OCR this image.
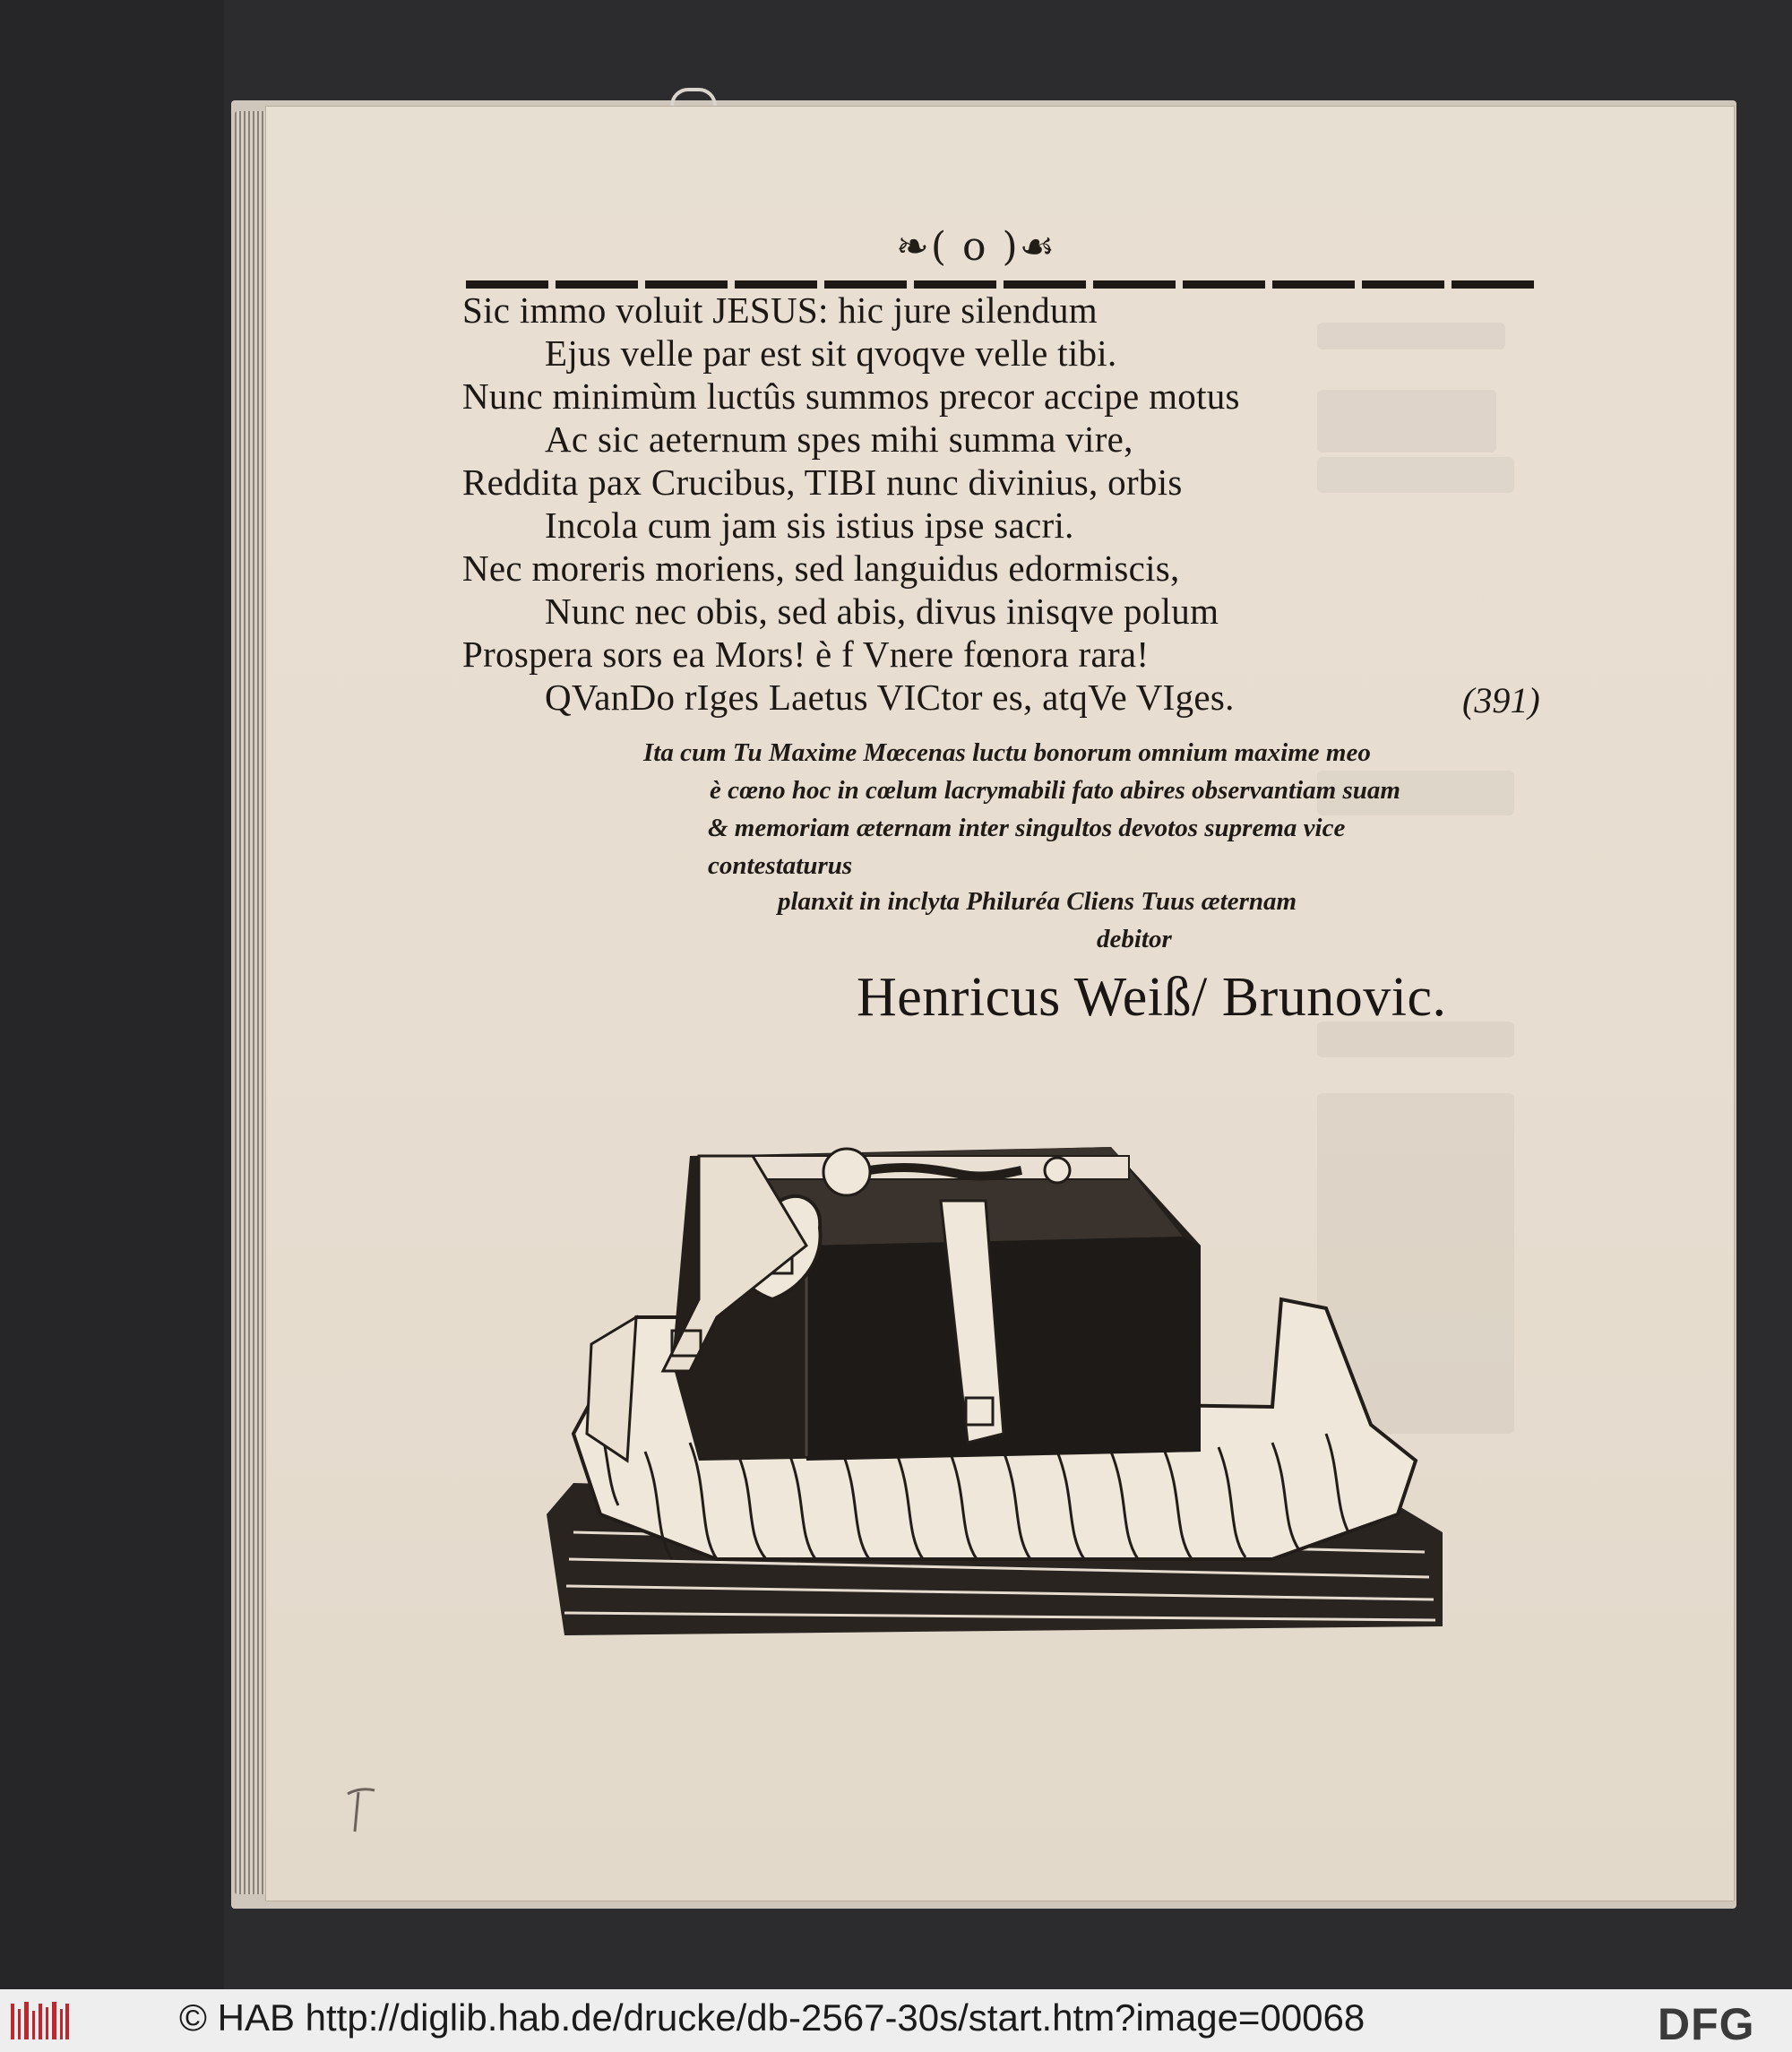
❧( o )☙
Sic immo voluit JESUS: hic jure silendum
Ejus velle par est sit qvoqve velle tibi.
Nunc minimùm luctûs summos precor accipe motus
Ac sic aeternum spes mihi summa vire,
Reddita pax Crucibus, TIBI nunc divinius, orbis
Incola cum jam sis istius ipse sacri.
Nec moreris moriens, sed languidus edormiscis,
Nunc nec obis, sed abis, divus inisqve polum
Prospera sors ea Mors! è f Vnere fœnora rara!
QVanDo rIges Laetus VICtor es, atqVe VIges.	(391)
Ita cum Tu Maxime Mœcenas luctu bonorum omnium maxime meo
è cœno hoc in cœlum lacrymabili fato abires observantiam suam
& memoriam æternam inter singultos devotos suprema vice
contestaturus
planxit in inclyta Philuréa Cliens Tuus æternam
debitor
Henricus Weiß/ Brunovic.
© HAB http://diglib.hab.de/drucke/db-2567-30s/start.htm?image=00068	DFG
